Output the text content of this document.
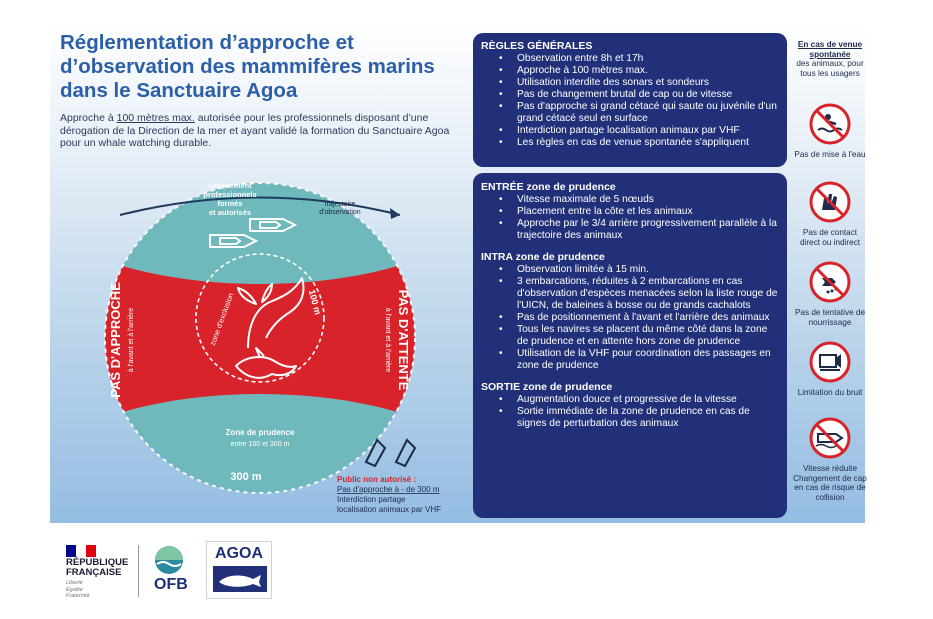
Réglementation d’approche et d’observation des mammifères marins dans le Sanctuaire Agoa
Approche à 100 mètres max. autorisée pour les professionnels disposant d’une dérogation de la Direction de la mer et ayant validé la formation du Sanctuaire Agoa pour un whale watching durable.
Uniquement
professionnels
formés
et autorisés
trajectoire
d'observation
PAS D'APPROCHE à l'avant et à l'arrière	PAS D'ATTENTE
à l'avant et à l'arrière
zone d'exclusion	100 m
Zone de prudence
entre 100 et 300 m
300 m	Public non autorisé :
Pas d'approche à - de 300 m
Interdiction partage
localisation animaux par VHF
RÈGLES GÉNÉRALES
• Observation entre 8h et 17h
• Approche à 100 mètres max.
• Utilisation interdite des sonars et sondeurs
• Pas de changement brutal de cap ou de vitesse
• Pas d'approche si grand cétacé qui saute ou juvénile d'un grand cétacé seul en surface
• Interdiction partage localisation animaux par VHF
• Les règles en cas de venue spontanée s'appliquent
ENTRÉE zone de prudence
• Vitesse maximale de 5 nœuds
• Placement entre la côte et les animaux
• Approche par le 3/4 arrière progressivement parallèle à la trajectoire des animaux
INTRA zone de prudence
• Observation limitée à 15 min.
• 3 embarcations, réduites à 2 embarcations en cas d'observation d'espèces menacées selon la liste rouge de l'UICN, de baleines à bosse ou de grands cachalots
• Pas de positionnement à l'avant et l'arrière des animaux
• Tous les navires se placent du même côté dans la zone de prudence et en attente hors zone de prudence
• Utilisation de la VHF pour coordination des passages en zone de prudence
SORTIE zone de prudence
• Augmentation douce et progressive de la vitesse
• Sortie immédiate de la zone de prudence en cas de signes de perturbation des animaux
En cas de venue spontanée
des animaux, pour tous les usagers
Pas de mise à l'eau
Pas de contact direct ou indirect
Pas de tentative de nourrissage
Limitation du bruit
Vitesse réduite Changement de cap en cas de risque de collision
RÉPUBLIQUE
FRANÇAISE
Liberté
Égalité
Fraternité
OFB
AGOA
